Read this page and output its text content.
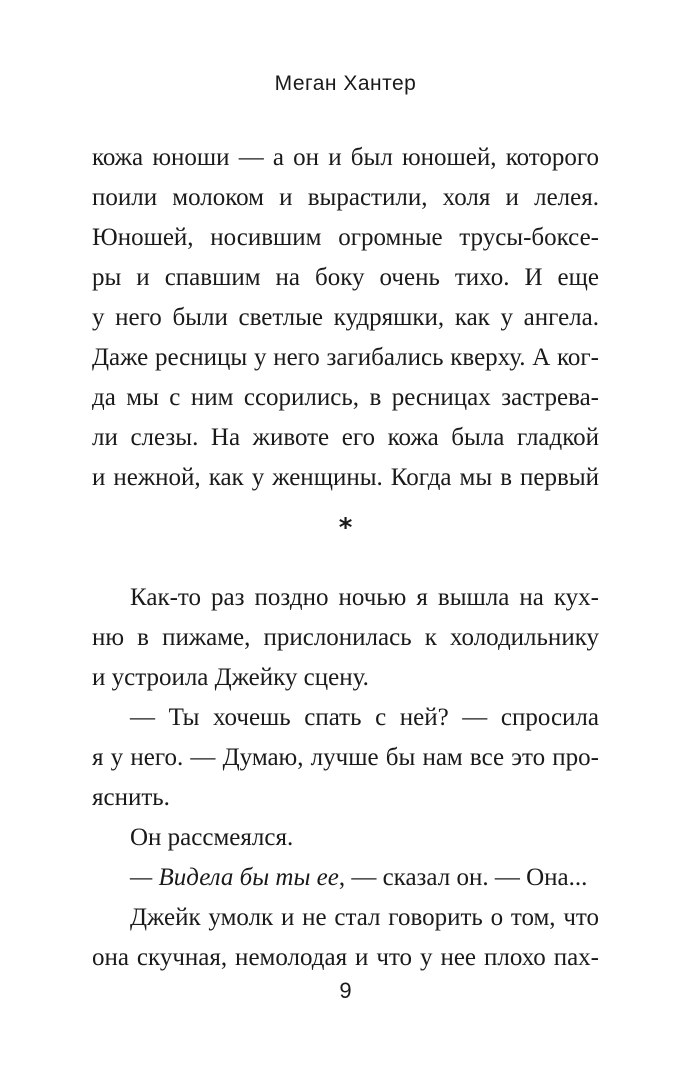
Меган Хантер
кожа юноши — а он и был юношей, которого
поили молоком и вырастили, холя и лелея.
Юношей, носившим огромные трусы-боксе-
ры и спавшим на боку очень тихо. И еще
у него были светлые кудряшки, как у ангела.
Даже ресницы у него загибались кверху. А ког-
да мы с ним ссорились, в ресницах застрева-
ли слезы. На животе его кожа была гладкой
и нежной, как у женщины. Когда мы в первый
*
Как-то раз поздно ночью я вышла на кух-
ню в пижаме, прислонилась к холодильнику
и устроила Джейку сцену.
— Ты хочешь спать с ней? — спросила
я у него. — Думаю, лучше бы нам все это про-
яснить.
Он рассмеялся.
— Видела бы ты ее, — сказал он. — Она...
Джейк умолк и не стал говорить о том, что
она скучная, немолодая и что у нее плохо пах-
9
